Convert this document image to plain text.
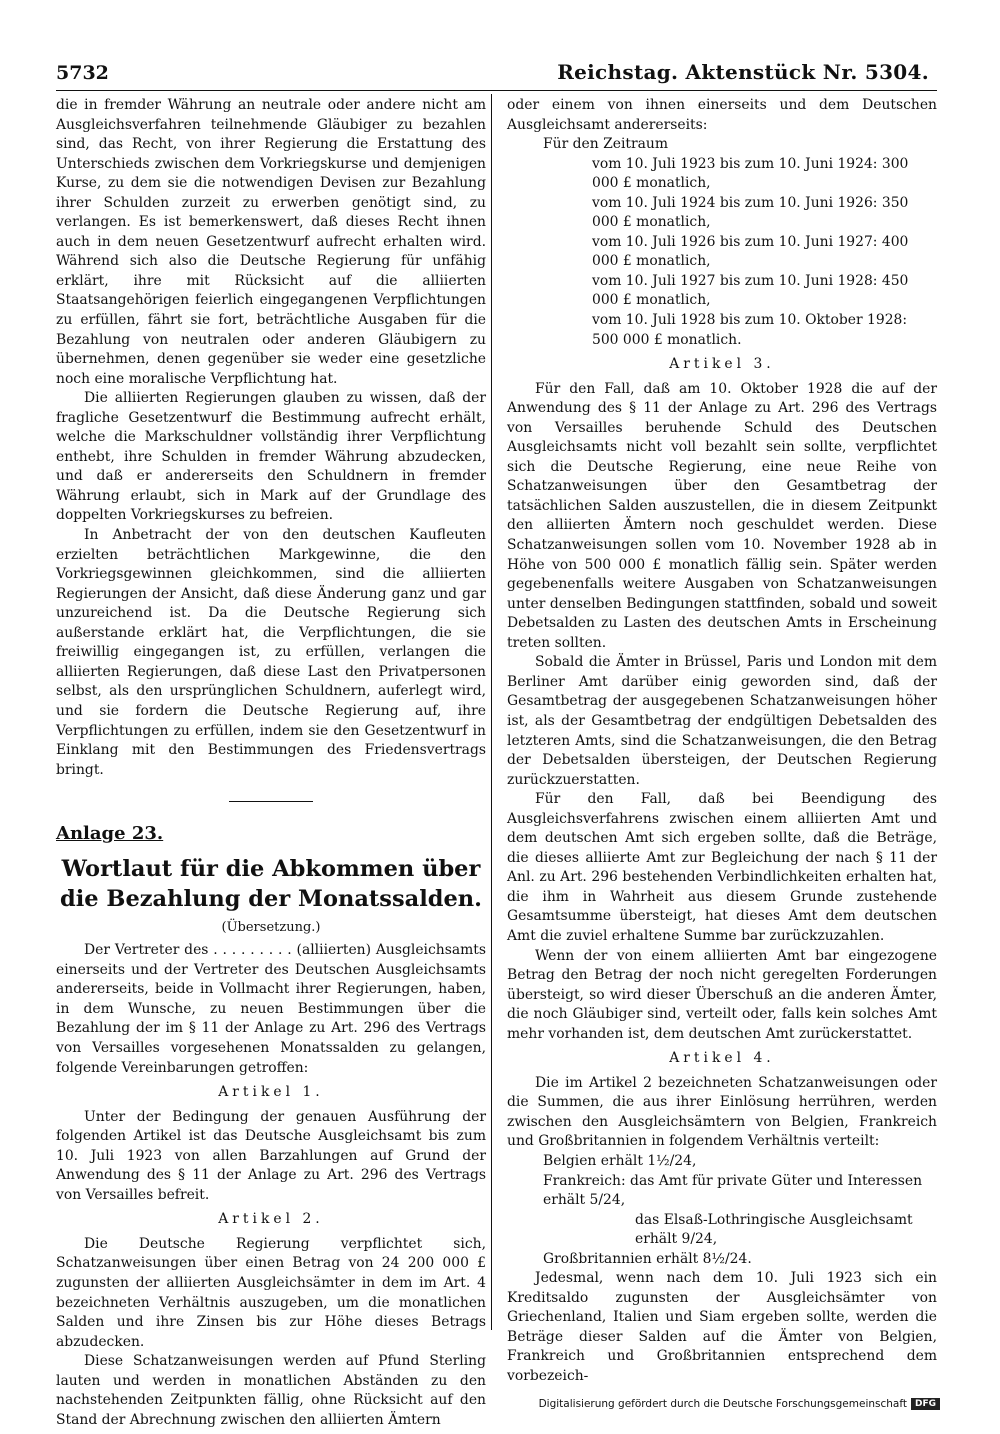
5732	Reichstag. Aktenstück Nr. 5304.

die in fremder Währung an neutrale oder andere nicht am Ausgleichsverfahren teilnehmende Gläubiger zu bezahlen sind, das Recht, von ihrer Regierung die Erstattung des Unterschieds zwischen dem Vorkriegskurse und demjenigen Kurse, zu dem sie die notwendigen Devisen zur Bezahlung ihrer Schulden zurzeit zu erwerben genötigt sind, zu verlangen. Es ist bemerkenswert, daß dieses Recht ihnen auch in dem neuen Gesetzentwurf aufrecht erhalten wird. Während sich also die Deutsche Regierung für unfähig erklärt, ihre mit Rücksicht auf die alliierten Staatsangehörigen feierlich eingegangenen Verpflichtungen zu erfüllen, fährt sie fort, beträchtliche Ausgaben für die Bezahlung von neutralen oder anderen Gläubigern zu übernehmen, denen gegenüber sie weder eine gesetzliche noch eine moralische Verpflichtung hat.

Die alliierten Regierungen glauben zu wissen, daß der fragliche Gesetzentwurf die Bestimmung aufrecht erhält, welche die Markschuldner vollständig ihrer Verpflichtung enthebt, ihre Schulden in fremder Währung abzudecken, und daß er andererseits den Schuldnern in fremder Währung erlaubt, sich in Mark auf der Grundlage des doppelten Vorkriegskurses zu befreien.

In Anbetracht der von den deutschen Kaufleuten erzielten beträchtlichen Markgewinne, die den Vorkriegsgewinnen gleichkommen, sind die alliierten Regierungen der Ansicht, daß diese Änderung ganz und gar unzureichend ist. Da die Deutsche Regierung sich außerstande erklärt hat, die Verpflichtungen, die sie freiwillig eingegangen ist, zu erfüllen, verlangen die alliierten Regierungen, daß diese Last den Privatpersonen selbst, als den ursprünglichen Schuldnern, auferlegt wird, und sie fordern die Deutsche Regierung auf, ihre Verpflichtungen zu erfüllen, indem sie den Gesetzentwurf in Einklang mit den Bestimmungen des Friedensvertrags bringt.

Anlage 23.
Wortlaut für die Abkommen über die Bezahlung der Monatssalden.
(Übersetzung.)

Der Vertreter des . . . . . . . . . (alliierten) Ausgleichsamts einerseits und der Vertreter des Deutschen Ausgleichsamts andererseits, beide in Vollmacht ihrer Regierungen, haben, in dem Wunsche, zu neuen Bestimmungen über die Bezahlung der im § 11 der Anlage zu Art. 296 des Vertrags von Versailles vorgesehenen Monatssalden zu gelangen, folgende Vereinbarungen getroffen:

Artikel 1.

Unter der Bedingung der genauen Ausführung der folgenden Artikel ist das Deutsche Ausgleichsamt bis zum 10. Juli 1923 von allen Barzahlungen auf Grund der Anwendung des § 11 der Anlage zu Art. 296 des Vertrags von Versailles befreit.

Artikel 2.

Die Deutsche Regierung verpflichtet sich, Schatzanweisungen über einen Betrag von 24 200 000 £ zugunsten der alliierten Ausgleichsämter in dem im Art. 4 bezeichneten Verhältnis auszugeben, um die monatlichen Salden und ihre Zinsen bis zur Höhe dieses Betrags abzudecken.

Diese Schatzanweisungen werden auf Pfund Sterling lauten und werden in monatlichen Abständen zu den nachstehenden Zeitpunkten fällig, ohne Rücksicht auf den Stand der Abrechnung zwischen den alliierten Ämtern

oder einem von ihnen einerseits und dem Deutschen Ausgleichsamt andererseits:

Für den Zeitraum

vom 10. Juli 1923 bis zum 10. Juni 1924: 300 000 £ monatlich,

vom 10. Juli 1924 bis zum 10. Juni 1926: 350 000 £ monatlich,

vom 10. Juli 1926 bis zum 10. Juni 1927: 400 000 £ monatlich,

vom 10. Juli 1927 bis zum 10. Juni 1928: 450 000 £ monatlich,

vom 10. Juli 1928 bis zum 10. Oktober 1928: 500 000 £ monatlich.

Artikel 3.

Für den Fall, daß am 10. Oktober 1928 die auf der Anwendung des § 11 der Anlage zu Art. 296 des Vertrags von Versailles beruhende Schuld des Deutschen Ausgleichsamts nicht voll bezahlt sein sollte, verpflichtet sich die Deutsche Regierung, eine neue Reihe von Schatzanweisungen über den Gesamtbetrag der tatsächlichen Salden auszustellen, die in diesem Zeitpunkt den alliierten Ämtern noch geschuldet werden. Diese Schatzanweisungen sollen vom 10. November 1928 ab in Höhe von 500 000 £ monatlich fällig sein. Später werden gegebenenfalls weitere Ausgaben von Schatzanweisungen unter denselben Bedingungen stattfinden, sobald und soweit Debetsalden zu Lasten des deutschen Amts in Erscheinung treten sollten.

Sobald die Ämter in Brüssel, Paris und London mit dem Berliner Amt darüber einig geworden sind, daß der Gesamtbetrag der ausgegebenen Schatzanweisungen höher ist, als der Gesamtbetrag der endgültigen Debetsalden des letzteren Amts, sind die Schatzanweisungen, die den Betrag der Debetsalden übersteigen, der Deutschen Regierung zurückzuerstatten.

Für den Fall, daß bei Beendigung des Ausgleichsverfahrens zwischen einem alliierten Amt und dem deutschen Amt sich ergeben sollte, daß die Beträge, die dieses alliierte Amt zur Begleichung der nach § 11 der Anl. zu Art. 296 bestehenden Verbindlichkeiten erhalten hat, die ihm in Wahrheit aus diesem Grunde zustehende Gesamtsumme übersteigt, hat dieses Amt dem deutschen Amt die zuviel erhaltene Summe bar zurückzuzahlen.

Wenn der von einem alliierten Amt bar eingezogene Betrag den Betrag der noch nicht geregelten Forderungen übersteigt, so wird dieser Überschuß an die anderen Ämter, die noch Gläubiger sind, verteilt oder, falls kein solches Amt mehr vorhanden ist, dem deutschen Amt zurückerstattet.

Artikel 4.

Die im Artikel 2 bezeichneten Schatzanweisungen oder die Summen, die aus ihrer Einlösung herrühren, werden zwischen den Ausgleichsämtern von Belgien, Frankreich und Großbritannien in folgendem Verhältnis verteilt:

Belgien erhält 1½/24,

Frankreich: das Amt für private Güter und Interessen erhält 5/24,

das Elsaß-Lothringische Ausgleichsamt erhält 9/24,

Großbritannien erhält 8½/24.

Jedesmal, wenn nach dem 10. Juli 1923 sich ein Kreditsaldo zugunsten der Ausgleichsämter von Griechenland, Italien und Siam ergeben sollte, werden die Beträge dieser Salden auf die Ämter von Belgien, Frankreich und Großbritannien entsprechend dem vorbezeich-

Digitalisierung gefördert durch die Deutsche Forschungsgemeinschaft DFG
